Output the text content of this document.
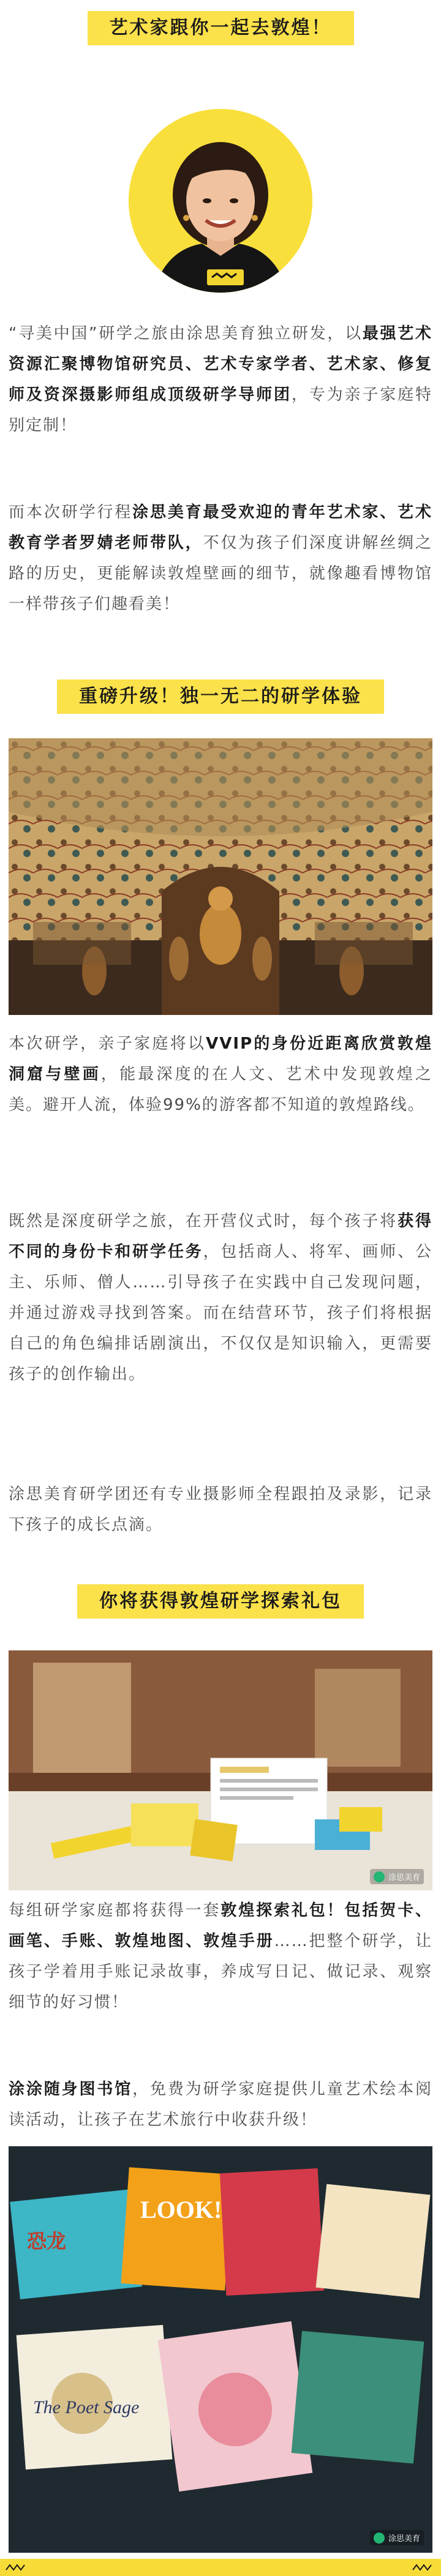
艺术家跟你一起去敦煌！
“寻美中国”研学之旅由涂思美育独立研发，以最强艺术资源汇聚博物馆研究员、艺术专家学者、艺术家、修复师及资深摄影师组成顶级研学导师团，专为亲子家庭特别定制！
而本次研学行程涂思美育最受欢迎的青年艺术家、艺术教育学者罗婧老师带队，不仅为孩子们深度讲解丝绸之路的历史，更能解读敦煌壁画的细节，就像趣看博物馆一样带孩子们趣看美！
重磅升级！独一无二的研学体验
本次研学，亲子家庭将以VVIP的身份近距离欣赏敦煌洞窟与壁画，能最深度的在人文、艺术中发现敦煌之美。避开人流，体验99%的游客都不知道的敦煌路线。
既然是深度研学之旅，在开营仪式时，每个孩子将获得不同的身份卡和研学任务，包括商人、将军、画师、公主、乐师、僧人……引导孩子在实践中自己发现问题，并通过游戏寻找到答案。而在结营环节，孩子们将根据自己的角色编排话剧演出，不仅仅是知识输入，更需要孩子的创作输出。
涂思美育研学团还有专业摄影师全程跟拍及录影，记录下孩子的成长点滴。
你将获得敦煌研学探索礼包
涂思美育
每组研学家庭都将获得一套敦煌探索礼包！包括贺卡、画笔、手账、敦煌地图、敦煌手册……把整个研学，让孩子学着用手账记录故事，养成写日记、做记录、观察细节的好习惯！
涂涂随身图书馆，免费为研学家庭提供儿童艺术绘本阅读活动，让孩子在艺术旅行中收获升级！
恐龙
LOOK!
The Poet Sage
涂思美育
